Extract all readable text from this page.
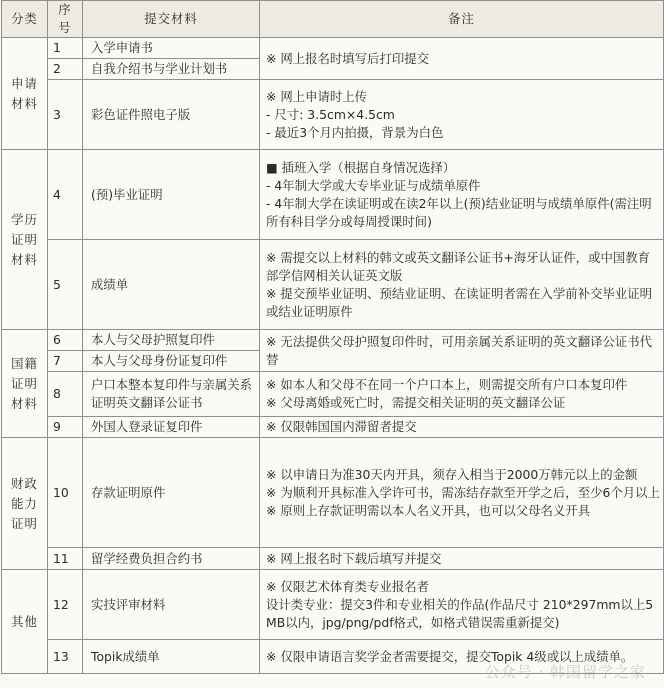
分类	序号	提交材料	备注
申请
材料	1	入学申请书	※ 网上报名时填写后打印提交
	2	自我介绍书与学业计划书	
	3	彩色证件照电子版	※ 网上申请时上传
- 尺寸: 3.5cm×4.5cm
- 最近3个月内拍摄，背景为白色

学历
证明
材料	4	(预)毕业证明	■ 插班入学（根据自身情况选择）
- 4年制大学或大专毕业证与成绩单原件
- 4年制大学在读证明或在读2年以上(预)结业证明与成绩单原件(需注明所有科目学分或每周授课时间)

	5	成绩单	※ 需提交以上材料的韩文或英文翻译公证书+海牙认证件，或中国教育部学信网相关认证英文版
※ 提交预毕业证明、预结业证明、在读证明者需在入学前补交毕业证明或结业证明原件

国籍
证明
材料	6	本人与父母护照复印件	※ 无法提供父母护照复印件时，可用亲属关系证明的英文翻译公证书代替
	7	本人与父母身份证复印件	
	8	户口本整本复印件与亲属关系证明英文翻译公证书	※ 如本人和父母不在同一个户口本上，则需提交所有户口本复印件
※ 父母离婚或死亡时，需提交相关证明的英文翻译公证

	9	外国人登录证复印件	※ 仅限韩国国内滞留者提交
财政
能力
证明	10	存款证明原件	※ 以申请日为准30天内开具，须存入相当于2000万韩元以上的金额
※ 为顺利开具标准入学许可书，需冻结存款至开学之后，至少6个月以上
※ 原则上存款证明需以本人名义开具，也可以父母名义开具

	11	留学经费负担合约书	※ 网上报名时下载后填写并提交
其他	12	实技评审材料	※ 仅限艺术体育类专业报名者
设计类专业：提交3件和专业相关的作品(作品尺寸 210*297mm以上5MB以内，jpg/png/pdf格式，如格式错误需重新提交)

	13	Topik成绩单	※ 仅限申请语言奖学金者需要提交，提交Topik 4级或以上成绩单。
公众号 · 韩国留学之家
